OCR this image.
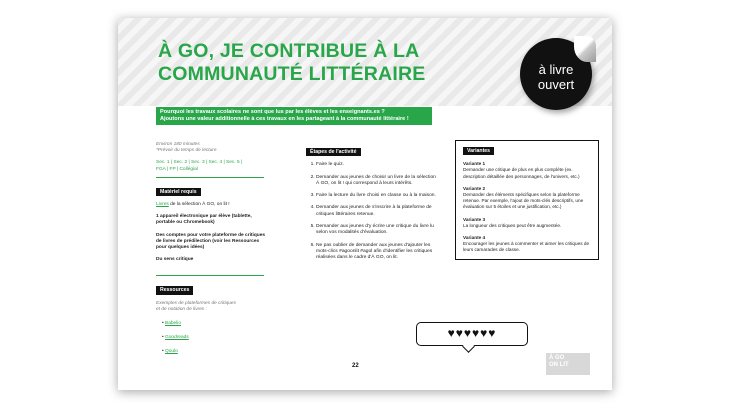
À GO, JE CONTRIBUE À LA
COMMUNAUTÉ LITTÉRAIRE
Pourquoi les travaux scolaires ne sont que lus par les élèves et les enseignants.es ?
Ajoutons une valeur additionnelle à ces travaux en les partageant à la communauté littéraire !
Environ 180 minutes
*Prévoir du temps de lecture
Sec. 1 | Sec. 2 | Sec. 3 | Sec. 4 | Sec. 5 |
FGA | FP | Collégial
Matériel requis
Livres de la sélection À GO, on lit !
1 appareil électronique par élève (tablette, portable ou Chromebook)
Des comptes pour votre plateforme de critiques de livres de prédilection (voir les Ressources pour quelques idées)
Du sens critique
Ressources
Exemples de plateformes de critiques et de notation de livres :
• Babelio
• Goodreads
• Qoulo
Étapes de l'activité
1. Faire le quiz.
2. Demander aux jeunes de choisir un livre de la sélection À GO, on lit ! qui correspond à leurs intérêts.
3. Faire la lecture du livre choisi en classe ou à la maison.
4. Demander aux jeunes de s'inscrire à la plateforme de critiques littéraires retenue.
5. Demander aux jeunes d'y écrire une critique du livre lu selon vos modalités d'évaluation.
6. Ne pas oublier de demander aux jeunes d'ajouter les mots-clics #agoonlit #agol afin d'identifier les critiques réalisées dans le cadre d'À GO, on lit.
Variantes
Variante 1
Demander une critique de plus en plus complète (ex. description détaillée des personnages, de l'univers, etc.)
Variante 2
Demander des éléments spécifiques selon la plateforme retenue. Par exemple, l'ajout de mots-clés descriptifs, une évaluation sur 5 étoiles et une justification, etc.)
Variante 3
La longueur des critiques peut être augmentée.
Variante 4
Encourager les jeunes à commenter et aimer les critiques de leurs camarades de classe.
♥♥♥♥♥♥
22
À GO
ON LIT
à livre
ouvert
